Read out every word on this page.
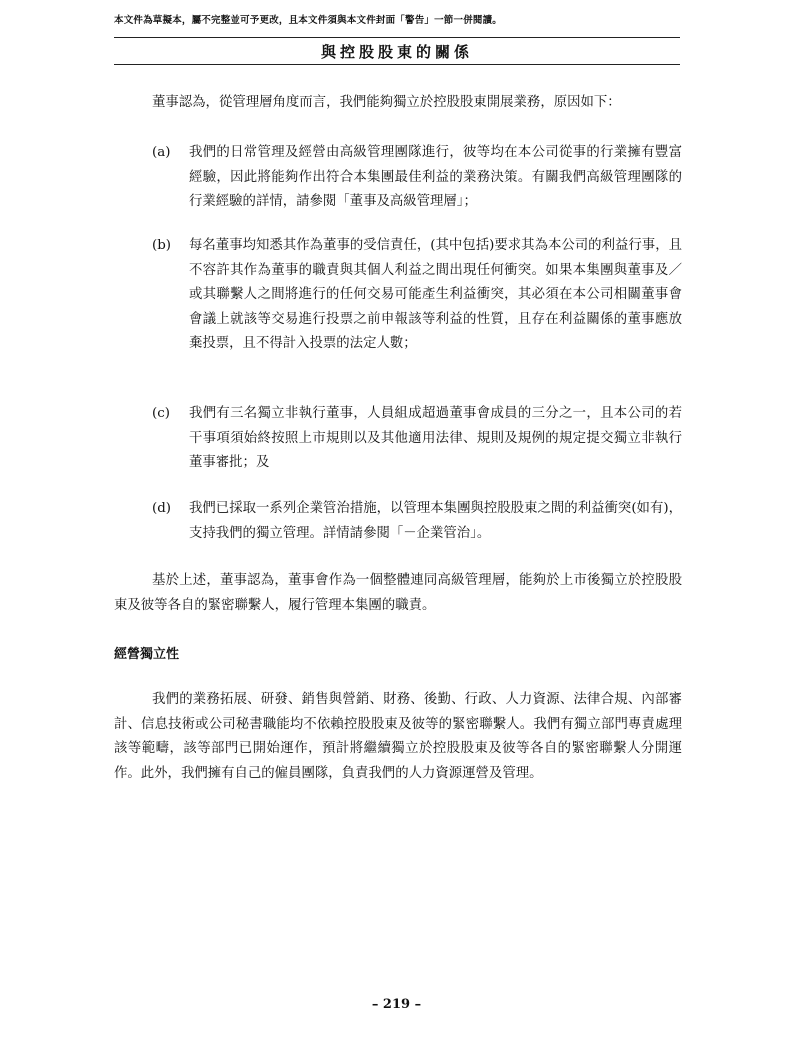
本文件為草擬本，屬不完整並可予更改，且本文件須與本文件封面「警告」一節一併閱讀。
與控股股東的關係

董事認為，從管理層角度而言，我們能夠獨立於控股股東開展業務，原因如下：

(a)	我們的日常管理及經營由高級管理團隊進行，彼等均在本公司從事的行業擁有豐富經驗，因此將能夠作出符合本集團最佳利益的業務決策。有關我們高級管理團隊的行業經驗的詳情，請參閱「董事及高級管理層」；
(b)	每名董事均知悉其作為董事的受信責任，(其中包括)要求其為本公司的利益行事，且不容許其作為董事的職責與其個人利益之間出現任何衝突。如果本集團與董事及／或其聯繫人之間將進行的任何交易可能產生利益衝突，其必須在本公司相關董事會會議上就該等交易進行投票之前申報該等利益的性質，且存在利益關係的董事應放棄投票，且不得計入投票的法定人數；
(c)	我們有三名獨立非執行董事，人員組成超過董事會成員的三分之一，且本公司的若干事項須始終按照上市規則以及其他適用法律、規則及規例的規定提交獨立非執行董事審批；及
(d)	我們已採取一系列企業管治措施，以管理本集團與控股股東之間的利益衝突(如有)，支持我們的獨立管理。詳情請參閱「－企業管治」。

基於上述，董事認為，董事會作為一個整體連同高級管理層，能夠於上市後獨立於控股股東及彼等各自的緊密聯繫人，履行管理本集團的職責。

經營獨立性

我們的業務拓展、研發、銷售與營銷、財務、後勤、行政、人力資源、法律合規、內部審計、信息技術或公司秘書職能均不依賴控股股東及彼等的緊密聯繫人。我們有獨立部門專責處理該等範疇，該等部門已開始運作，預計將繼續獨立於控股股東及彼等各自的緊密聯繫人分開運作。此外，我們擁有自己的僱員團隊，負責我們的人力資源運營及管理。

– 219 –
